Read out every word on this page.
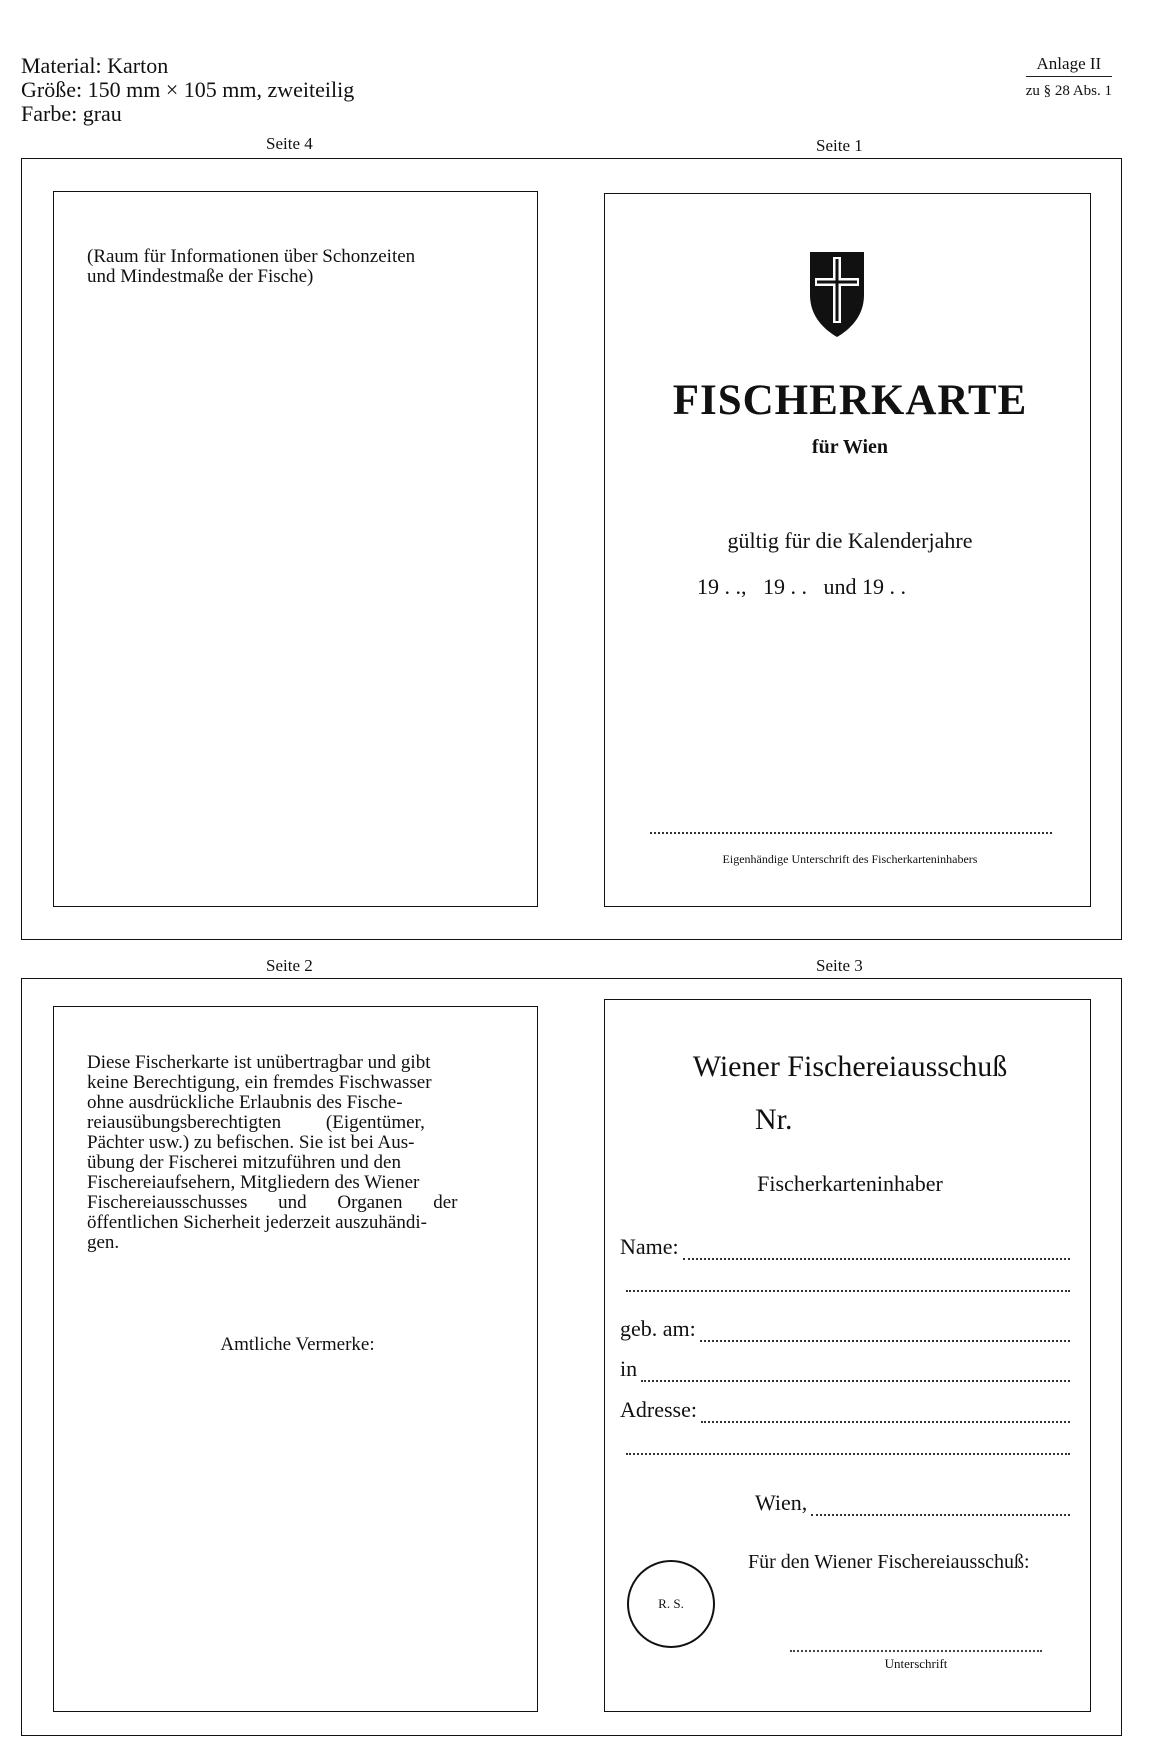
Material: Karton
Größe: 150 mm × 105 mm, zweiteilig
Farbe: grau
Anlage II
zu § 28 Abs. 1
Seite 4	Seite 1
(Raum für Informationen über Schonzeiten
und Mindestmaße der Fische)
FISCHERKARTE
für Wien
gültig für die Kalenderjahre
19 . .,   19 . .   und 19 . .
Eigenhändige Unterschrift des Fischerkarteninhabers
Seite 2	Seite 3
Diese Fischerkarte ist unübertragbar und gibt
keine Berechtigung, ein fremdes Fischwasser
ohne ausdrückliche Erlaubnis des Fische-
reiausübungsberechtigten (Eigentümer,
Pächter usw.) zu befischen. Sie ist bei Aus-
übung der Fischerei mitzuführen und den
Fischereiaufsehern, Mitgliedern des Wiener
Fischereiausschusses und Organen der
öffentlichen Sicherheit jederzeit auszuhändi-
gen.
Amtliche Vermerke:
Wiener Fischereiausschuß
Nr.
Fischerkarteninhaber
Name:
geb. am:
in
Adresse:
Wien,
Für den Wiener Fischereiausschuß:
R. S.
Unterschrift
